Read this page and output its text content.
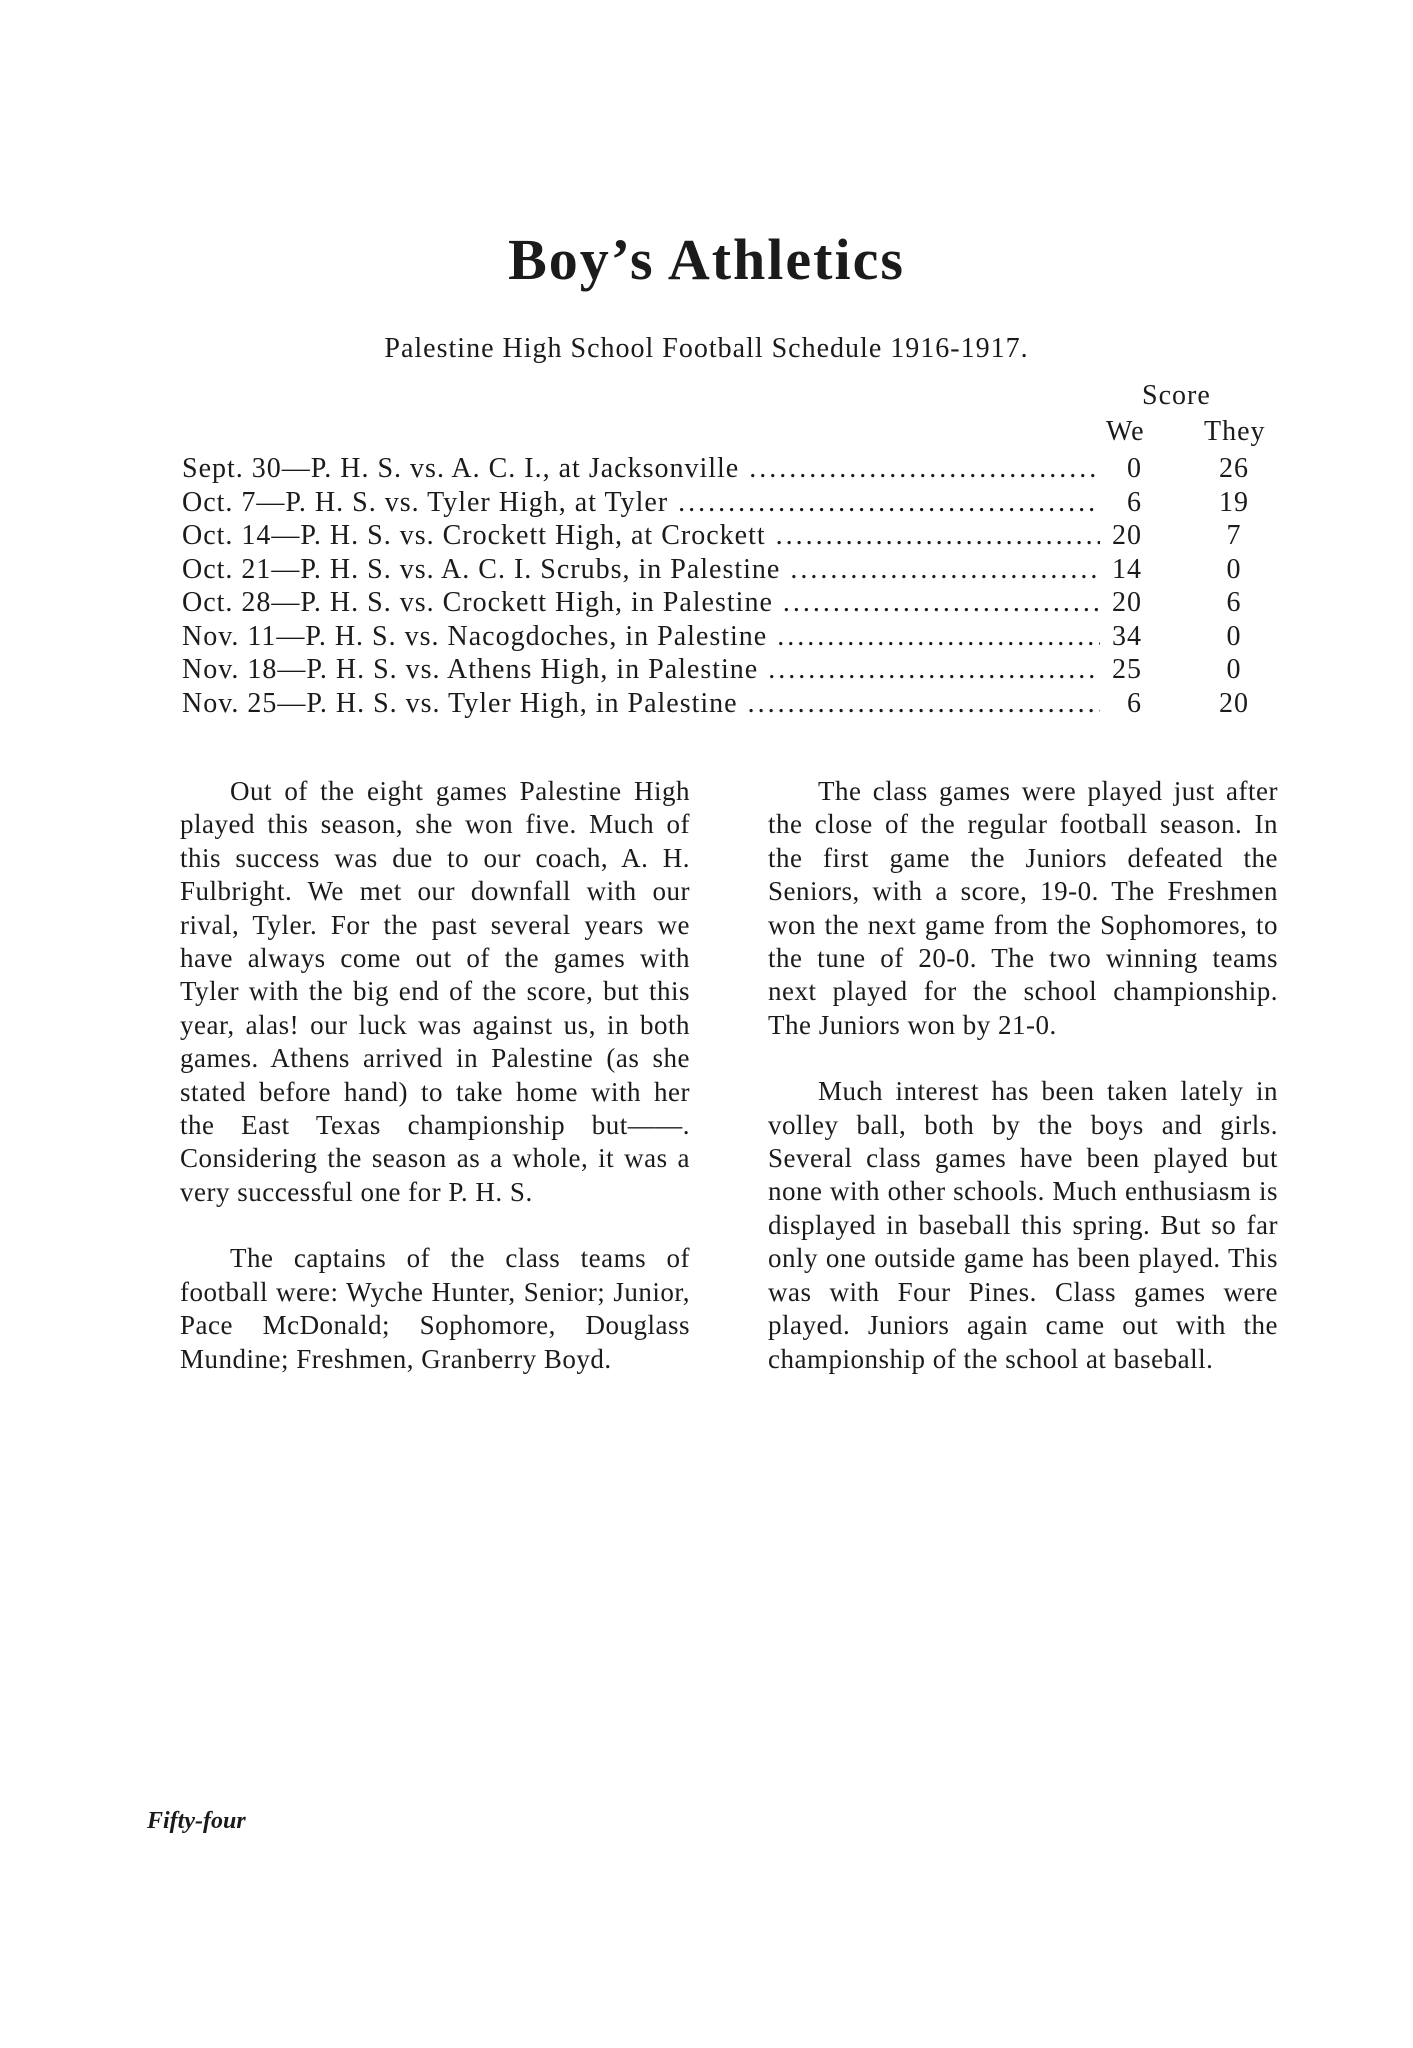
Boy’s Athletics
Palestine High School Football Schedule 1916-1917.
Score
We They
Sept. 30—P. H. S. vs. A. C. I., at Jacksonville .....	0	26
Oct. 7—P. H. S. vs. Tyler High, at Tyler .....	6	19
Oct. 14—P. H. S. vs. Crockett High, at Crockett .....	20	7
Oct. 21—P. H. S. vs. A. C. I. Scrubs, in Palestine .....	14	0
Oct. 28—P. H. S. vs. Crockett High, in Palestine .....	20	6
Nov. 11—P. H. S. vs. Nacogdoches, in Palestine .....	34	0
Nov. 18—P. H. S. vs. Athens High, in Palestine .....	25	0
Nov. 25—P. H. S. vs. Tyler High, in Palestine .....	6	20

Out of the eight games Palestine High played this season, she won five. Much of this success was due to our coach, A. H. Fulbright. We met our downfall with our rival, Tyler. For the past several years we have always come out of the games with Tyler with the big end of the score, but this year, alas! our luck was against us, in both games. Athens arrived in Palestine (as she stated before hand) to take home with her the East Texas championship but——. Considering the season as a whole, it was a very successful one for P. H. S.

The captains of the class teams of football were: Wyche Hunter, Senior; Junior, Pace McDonald; Sophomore, Douglass Mundine; Freshmen, Granberry Boyd.

The class games were played just after the close of the regular football season. In the first game the Juniors defeated the Seniors, with a score, 19-0. The Freshmen won the next game from the Sophomores, to the tune of 20-0. The two winning teams next played for the school championship. The Juniors won by 21-0.

Much interest has been taken lately in volley ball, both by the boys and girls. Several class games have been played but none with other schools. Much enthusiasm is displayed in baseball this spring. But so far only one outside game has been played. This was with Four Pines. Class games were played. Juniors again came out with the championship of the school at baseball.

Fifty-four
